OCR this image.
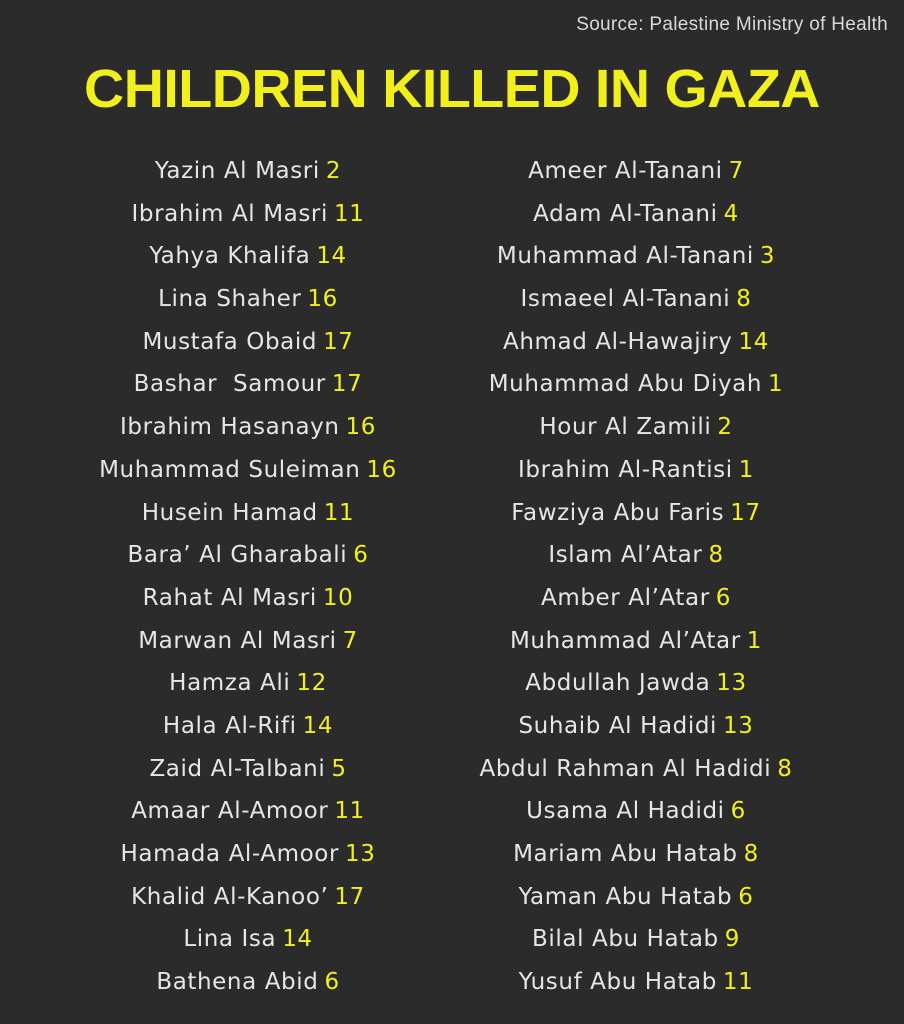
Source: Palestine Ministry of Health
CHILDREN KILLED IN GAZA
Yazin Al Masri 2
Ibrahim Al Masri 11
Yahya Khalifa 14
Lina Shaher 16
Mustafa Obaid 17
Bashar  Samour 17
Ibrahim Hasanayn 16
Muhammad Suleiman 16
Husein Hamad 11
Bara’ Al Gharabali 6
Rahat Al Masri 10
Marwan Al Masri 7
Hamza Ali 12
Hala Al-Rifi 14
Zaid Al-Talbani 5
Amaar Al-Amoor 11
Hamada Al-Amoor 13
Khalid Al-Kanoo’ 17
Lina Isa 14
Bathena Abid 6
Ameer Al-Tanani 7
Adam Al-Tanani 4
Muhammad Al-Tanani 3
Ismaeel Al-Tanani 8
Ahmad Al-Hawajiry 14
Muhammad Abu Diyah 1
Hour Al Zamili 2
Ibrahim Al-Rantisi 1
Fawziya Abu Faris 17
Islam Al’Atar 8
Amber Al’Atar 6
Muhammad Al’Atar 1
Abdullah Jawda 13
Suhaib Al Hadidi 13
Abdul Rahman Al Hadidi 8
Usama Al Hadidi 6
Mariam Abu Hatab 8
Yaman Abu Hatab 6
Bilal Abu Hatab 9
Yusuf Abu Hatab 11
